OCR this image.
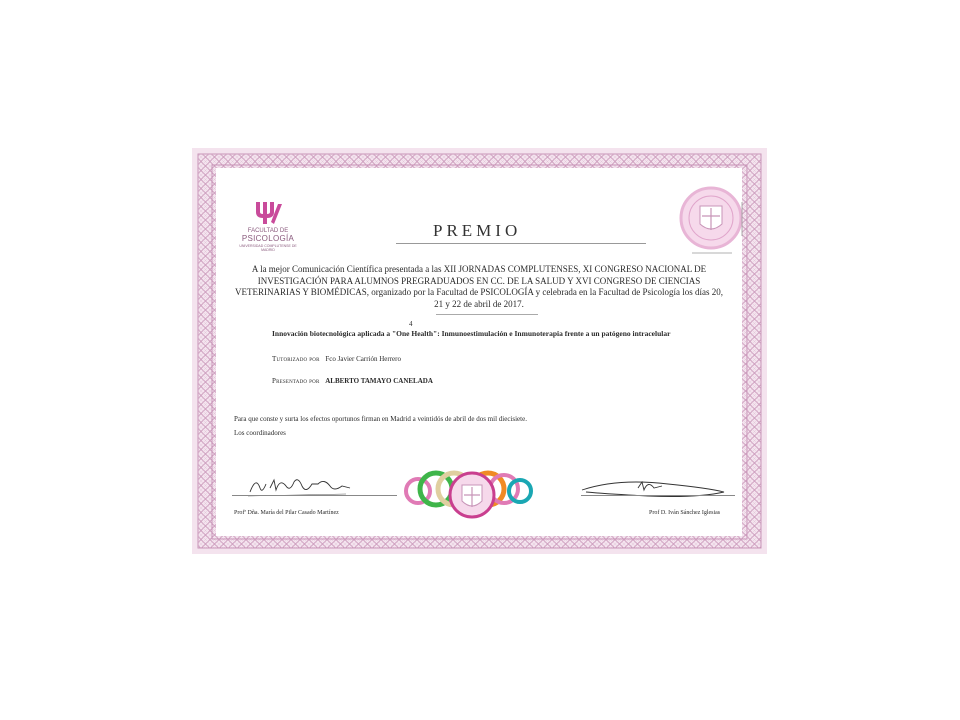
FACULTAD DE
PSICOLOGÍA
UNIVERSIDAD COMPLUTENSE DE MADRID
PREMIO
A la mejor Comunicación Científica presentada a las XII JORNADAS COMPLUTENSES, XI CONGRESO NACIONAL DE
INVESTIGACIÓN PARA ALUMNOS PREGRADUADOS EN CC. DE LA SALUD Y XVI CONGRESO DE CIENCIAS
VETERINARIAS Y BIOMÉDICAS, organizado por la Facultad de PSICOLOGÍA y celebrada en la Facultad de Psicología los días 20,
21 y 22 de abril de 2017.
4
Innovación biotecnológica aplicada a "One Health": Inmunoestimulación e Inmunoterapia frente a un patógeno intracelular
Tutorizado por Fco Javier Carrión Herrero
Presentado por ALBERTO TAMAYO CANELADA
Para que conste y surta los efectos oportunos firman en Madrid a veintidós de abril de dos mil diecisiete.
Los coordinadores
Profª Dña. María del Pilar Casado Martínez	Prof D. Iván Sánchez Iglesias
